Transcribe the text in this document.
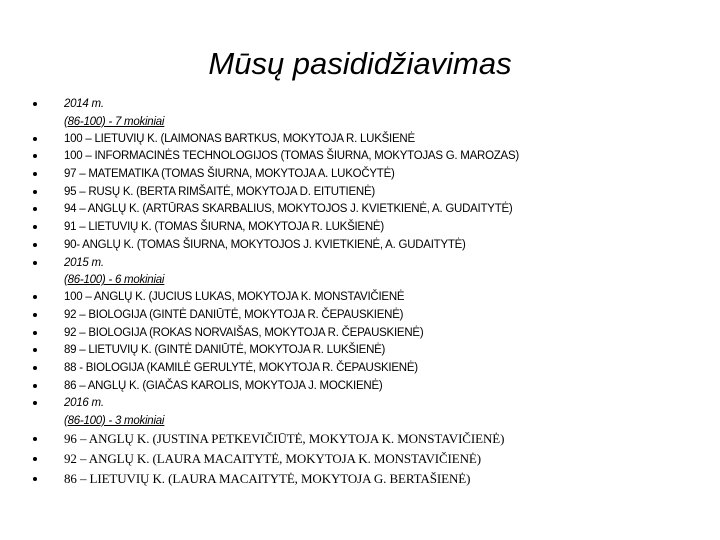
Mūsų pasididžiavimas
2014 m.
(86-100) - 7 mokiniai
100 – LIETUVIŲ K. (LAIMONAS BARTKUS, MOKYTOJA R. LUKŠIENĖ
100 – INFORMACINĖS TECHNOLOGIJOS (TOMAS ŠIURNA, MOKYTOJAS G. MAROZAS)
97 – MATEMATIKA (TOMAS ŠIURNA, MOKYTOJA A. LUKOČYTĖ)
95 – RUSŲ K. (BERTA RIMŠAITĖ, MOKYTOJA D. EITUTIENĖ)
94 – ANGLŲ K. (ARTŪRAS SKARBALIUS, MOKYTOJOS J. KVIETKIENĖ, A. GUDAITYTĖ)
91 – LIETUVIŲ K. (TOMAS ŠIURNA, MOKYTOJA R. LUKŠIENĖ)
90- ANGLŲ K. (TOMAS ŠIURNA, MOKYTOJOS J. KVIETKIENĖ, A. GUDAITYTĖ)
2015 m.
(86-100) - 6 mokiniai
100 – ANGLŲ K. (JUCIUS LUKAS, MOKYTOJA K. MONSTAVIČIENĖ
92 – BIOLOGIJA (GINTĖ DANIŪTĖ, MOKYTOJA R. ČEPAUSKIENĖ)
92 – BIOLOGIJA (ROKAS NORVAIŠAS, MOKYTOJA R. ČEPAUSKIENĖ)
89 – LIETUVIŲ K. (GINTĖ DANIŪTĖ, MOKYTOJA R. LUKŠIENĖ)
88 - BIOLOGIJA (KAMILĖ GERULYTĖ, MOKYTOJA R. ČEPAUSKIENĖ)
86 – ANGLŲ K. (GIAČAS KAROLIS, MOKYTOJA J. MOCKIENĖ)
2016 m.
(86-100) - 3 mokiniai
96 – ANGLŲ K. (JUSTINA PETKEVIČIŪTĖ, MOKYTOJA K. MONSTAVIČIENĖ)
92 – ANGLŲ K. (LAURA MACAITYTĖ, MOKYTOJA K. MONSTAVIČIENĖ)
86 – LIETUVIŲ K. (LAURA MACAITYTĖ, MOKYTOJA G. BERTAŠIENĖ)
